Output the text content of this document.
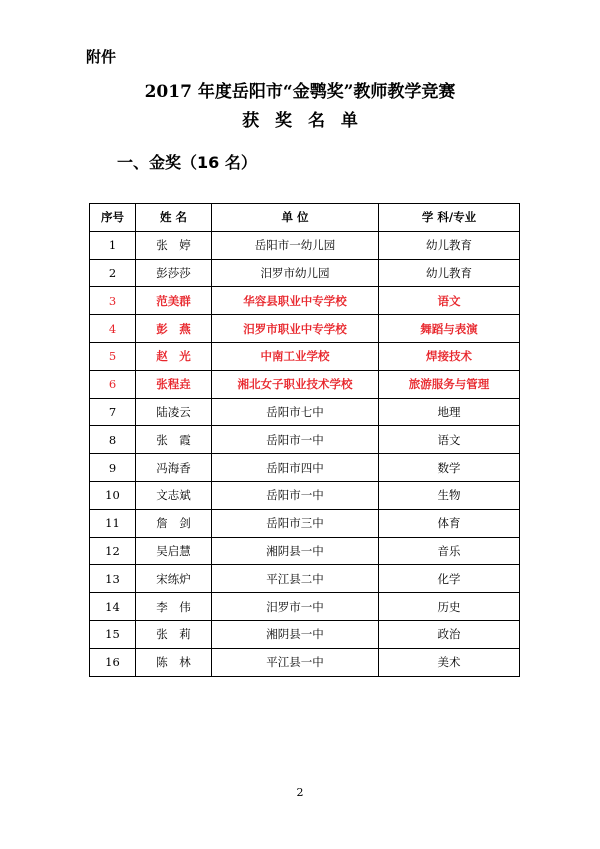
附件
2017 年度岳阳市“金鹗奖”教师教学竞赛
获 奖 名 单
一、金奖（16 名）
序号	姓 名	单 位	学 科/专业
1	张　婷	岳阳市一幼儿园	幼儿教育
2	彭莎莎	汨罗市幼儿园	幼儿教育
3	范美群	华容县职业中专学校	语文
4	彭　燕	汨罗市职业中专学校	舞蹈与表演
5	赵　光	中南工业学校	焊接技术
6	张程垚	湘北女子职业技术学校	旅游服务与管理
7	陆凌云	岳阳市七中	地理
8	张　霞	岳阳市一中	语文
9	冯海香	岳阳市四中	数学
10	文志斌	岳阳市一中	生物
11	詹　剑	岳阳市三中	体育
12	吴启慧	湘阴县一中	音乐
13	宋练炉	平江县二中	化学
14	李　伟	汨罗市一中	历史
15	张　莉	湘阴县一中	政治
16	陈　林	平江县一中	美术
2
